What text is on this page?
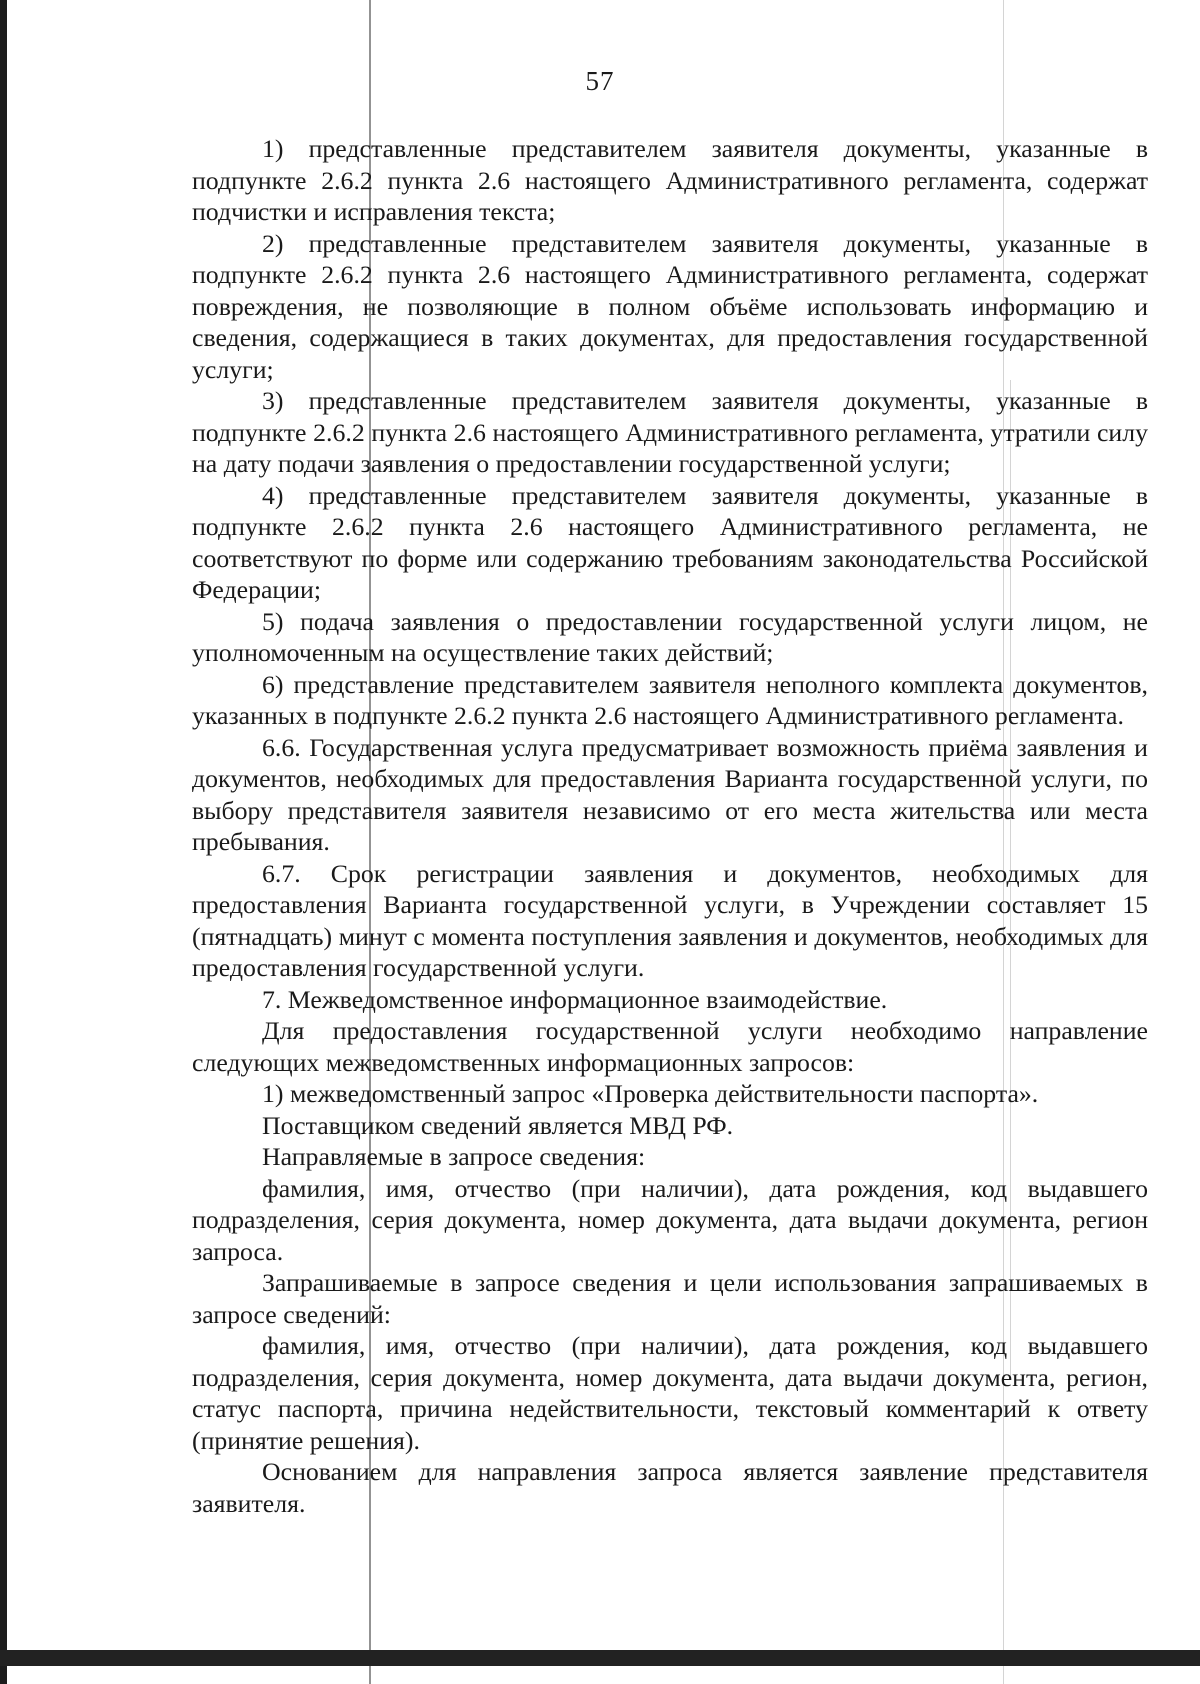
57

1) представленные представителем заявителя документы, указанные в подпункте 2.6.2 пункта 2.6 настоящего Административного регламента, содержат подчистки и исправления текста;

2) представленные представителем заявителя документы, указанные в подпункте 2.6.2 пункта 2.6 настоящего Административного регламента, содержат повреждения, не позволяющие в полном объёме использовать информацию и сведения, содержащиеся в таких документах, для предоставления государственной услуги;

3) представленные представителем заявителя документы, указанные в подпункте 2.6.2 пункта 2.6 настоящего Административного регламента, утратили силу на дату подачи заявления о предоставлении государственной услуги;

4) представленные представителем заявителя документы, указанные в подпункте 2.6.2 пункта 2.6 настоящего Административного регламента, не соответствуют по форме или содержанию требованиям законодательства Российской Федерации;

5) подача заявления о предоставлении государственной услуги лицом, не уполномоченным на осуществление таких действий;

6) представление представителем заявителя неполного комплекта документов, указанных в подпункте 2.6.2 пункта 2.6 настоящего Административного регламента.

6.6. Государственная услуга предусматривает возможность приёма заявления и документов, необходимых для предоставления Варианта государственной услуги, по выбору представителя заявителя независимо от его места жительства или места пребывания.

6.7. Срок регистрации заявления и документов, необходимых для предоставления Варианта государственной услуги, в Учреждении составляет 15 (пятнадцать) минут с момента поступления заявления и документов, необходимых для предоставления государственной услуги.

7. Межведомственное информационное взаимодействие.

Для предоставления государственной услуги необходимо направление следующих межведомственных информационных запросов:

1) межведомственный запрос «Проверка действительности паспорта».

Поставщиком сведений является МВД РФ.

Направляемые в запросе сведения:

фамилия, имя, отчество (при наличии), дата рождения, код выдавшего подразделения, серия документа, номер документа, дата выдачи документа, регион запроса.

Запрашиваемые в запросе сведения и цели использования запрашиваемых в запросе сведений:

фамилия, имя, отчество (при наличии), дата рождения, код выдавшего подразделения, серия документа, номер документа, дата выдачи документа, регион, статус паспорта, причина недействительности, текстовый комментарий к ответу (принятие решения).

Основанием для направления запроса является заявление представителя заявителя.
